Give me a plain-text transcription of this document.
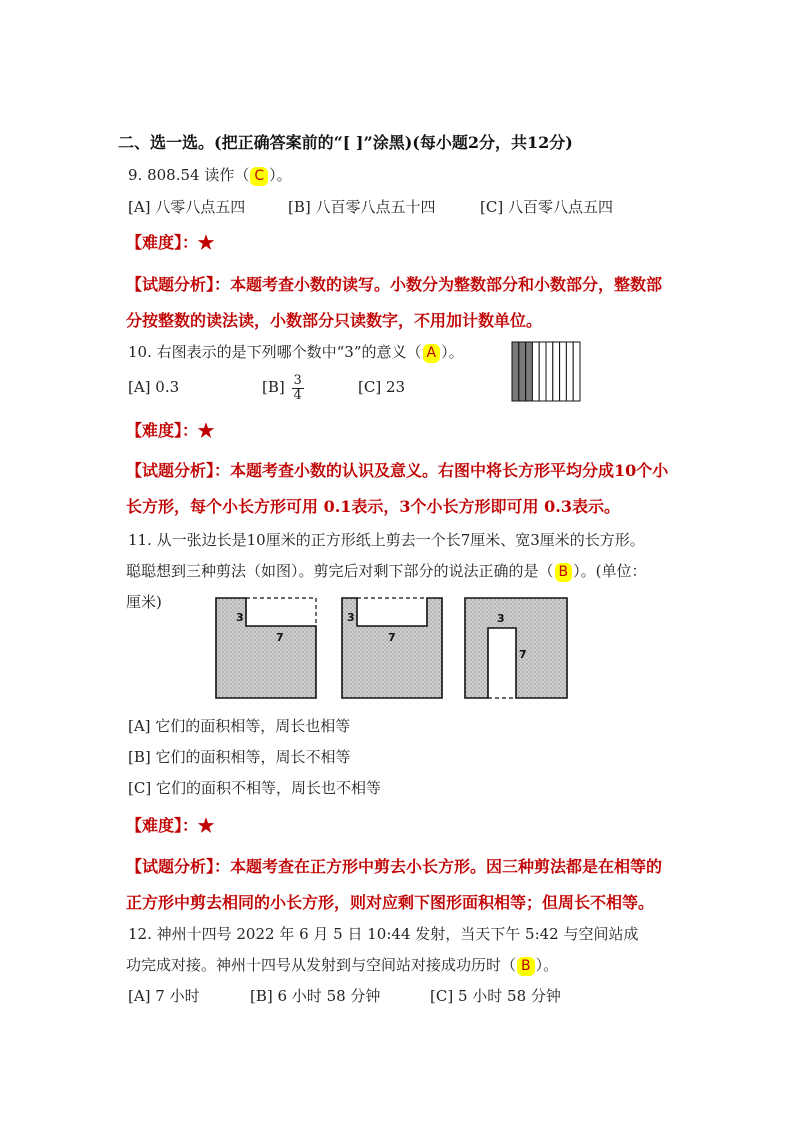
二、选一选。(把正确答案前的“[ ]”涂黑)(每小题2分，共12分)
9. 808.54 读作（ C ）。
[A] 八零八点五四	[B] 八百零八点五十四	[C] 八百零八点五四
【难度】：★
【试题分析】：本题考查小数的读写。小数分为整数部分和小数部分，整数部
分按整数的读法读，小数部分只读数字，不用加计数单位。
10. 右图表示的是下列哪个数中“3”的意义（ A ）。
[A] 0.3	$[B] \frac{3}{4}$	[C] 23
【难度】：★
【试题分析】：本题考查小数的认识及意义。右图中将长方形平均分成10个小
长方形，每个小长方形可用 0.1表示，3个小长方形即可用 0.3表示。
11. 从一张边长是10厘米的正方形纸上剪去一个长7厘米、宽3厘米的长方形。
聪聪想到三种剪法（如图）。剪完后对剩下部分的说法正确的是（ B ）。(单位：
厘米)
3
7
3
7
3
7
[A] 它们的面积相等，周长也相等
[B] 它们的面积相等，周长不相等
[C] 它们的面积不相等，周长也不相等
【难度】：★
【试题分析】：本题考查在正方形中剪去小长方形。因三种剪法都是在相等的
正方形中剪去相同的小长方形，则对应剩下图形面积相等；但周长不相等。
12. 神州十四号 2022 年 6 月 5 日 10:44 发射，当天下午 5:42 与空间站成
功完成对接。神州十四号从发射到与空间站对接成功历时（ B ）。
[A] 7 小时	[B] 6 小时 58 分钟	[C] 5 小时 58 分钟
